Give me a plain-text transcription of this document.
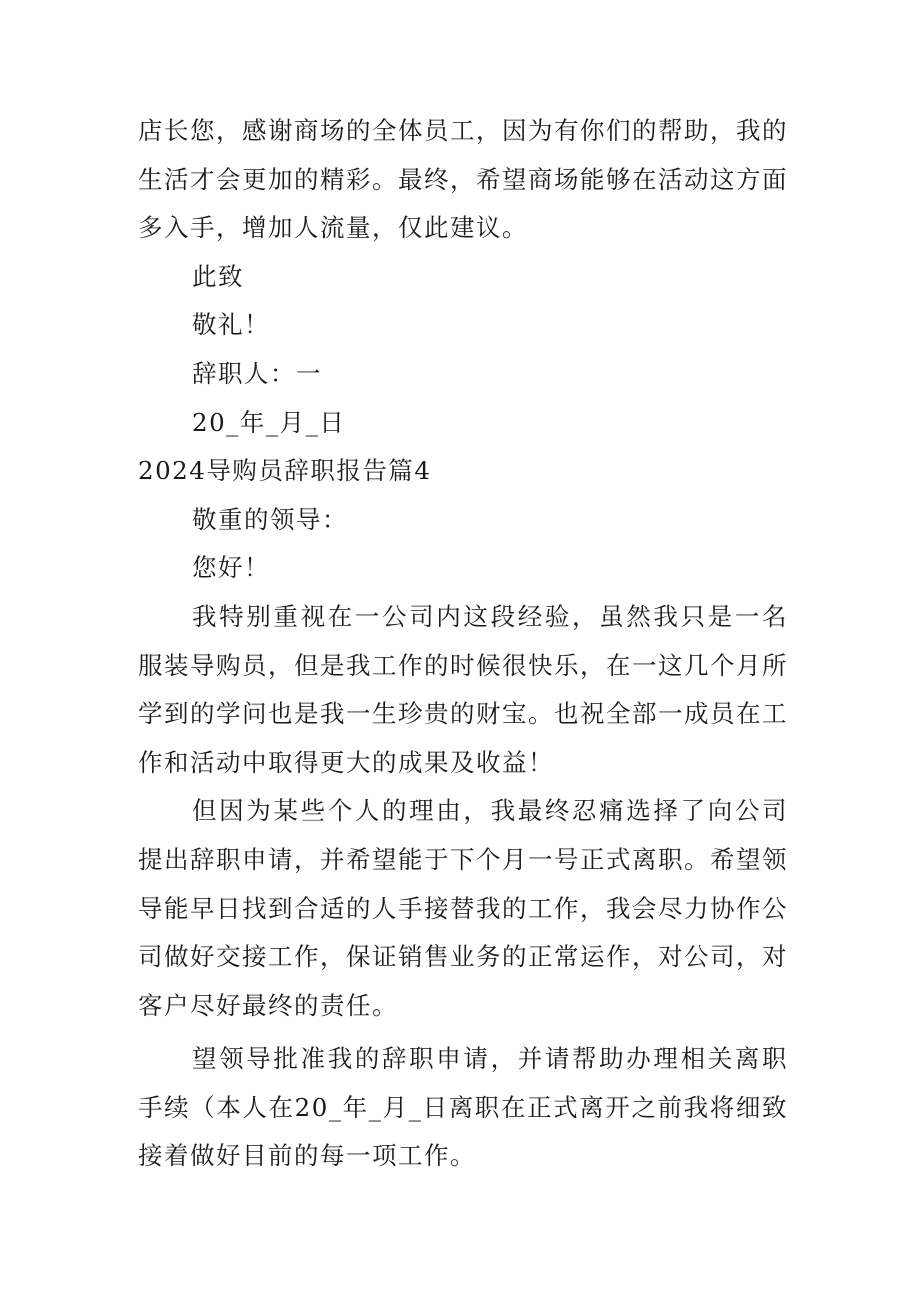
店长您，感谢商场的全体员工，因为有你们的帮助，我的生活才会更加的精彩。最终，希望商场能够在活动这方面多入手，增加人流量，仅此建议。

此致

敬礼！

辞职人：一

20_年_月_日

2024导购员辞职报告篇4

敬重的领导：

您好！

我特别重视在一公司内这段经验，虽然我只是一名服装导购员，但是我工作的时候很快乐，在一这几个月所学到的学问也是我一生珍贵的财宝。也祝全部一成员在工作和活动中取得更大的成果及收益！

但因为某些个人的理由，我最终忍痛选择了向公司提出辞职申请，并希望能于下个月一号正式离职。希望领导能早日找到合适的人手接替我的工作，我会尽力协作公司做好交接工作，保证销售业务的正常运作，对公司，对客户尽好最终的责任。

望领导批准我的辞职申请，并请帮助办理相关离职手续（本人在20_年_月_日离职在正式离开之前我将细致接着做好目前的每一项工作。
